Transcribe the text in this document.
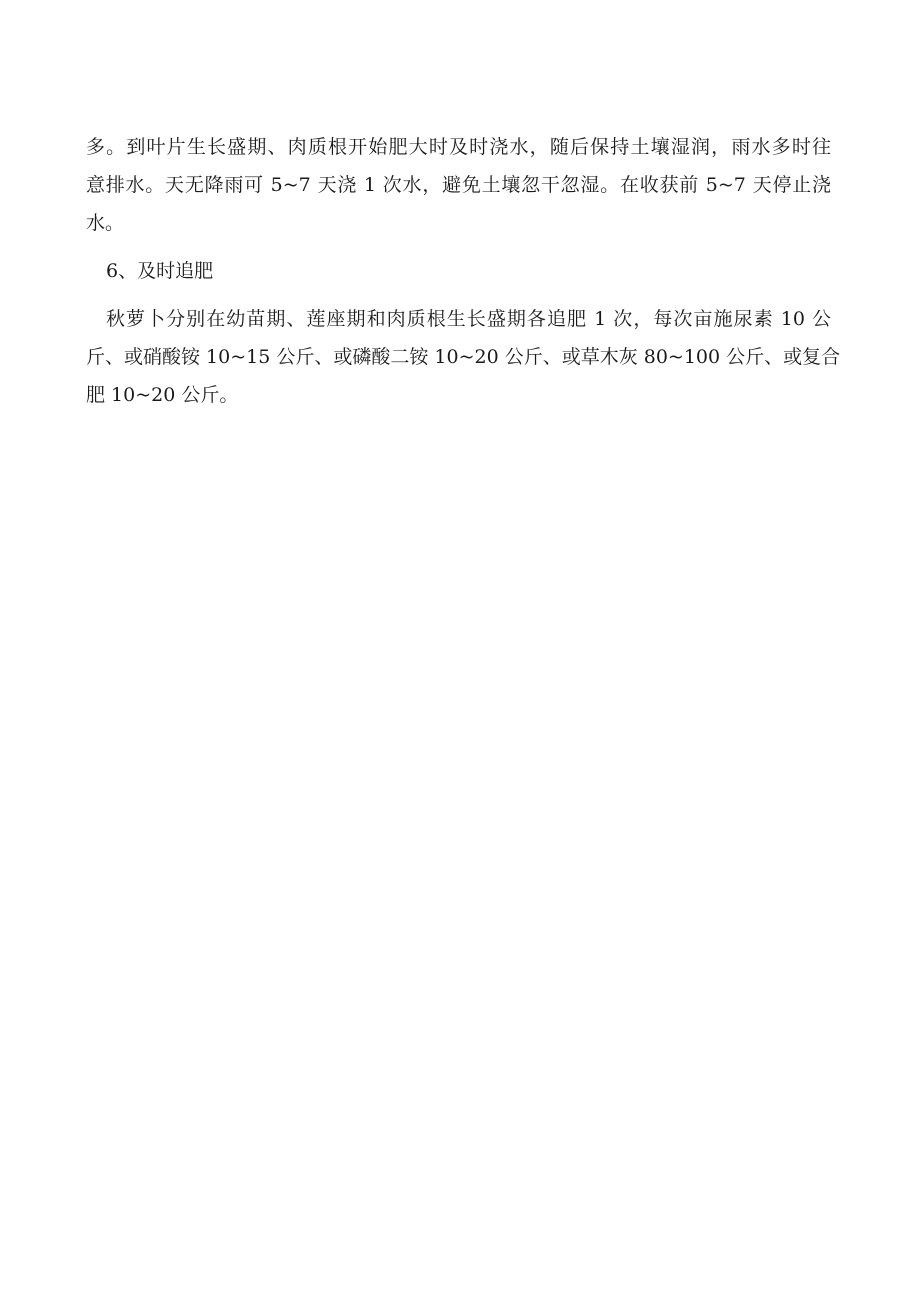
多。到叶片生长盛期、肉质根开始肥大时及时浇水，随后保持土壤湿润，雨水多时往
意排水。天无降雨可 5~7 天浇 1 次水，避免土壤忽干忽湿。在收获前 5~7 天停止浇
水。

6、及时追肥

秋萝卜分别在幼苗期、莲座期和肉质根生长盛期各追肥 1 次，每次亩施尿素 10 公
斤、或硝酸铵 10~15 公斤、或磷酸二铵 10~20 公斤、或草木灰 80~100 公斤、或复合
肥 10~20 公斤。
